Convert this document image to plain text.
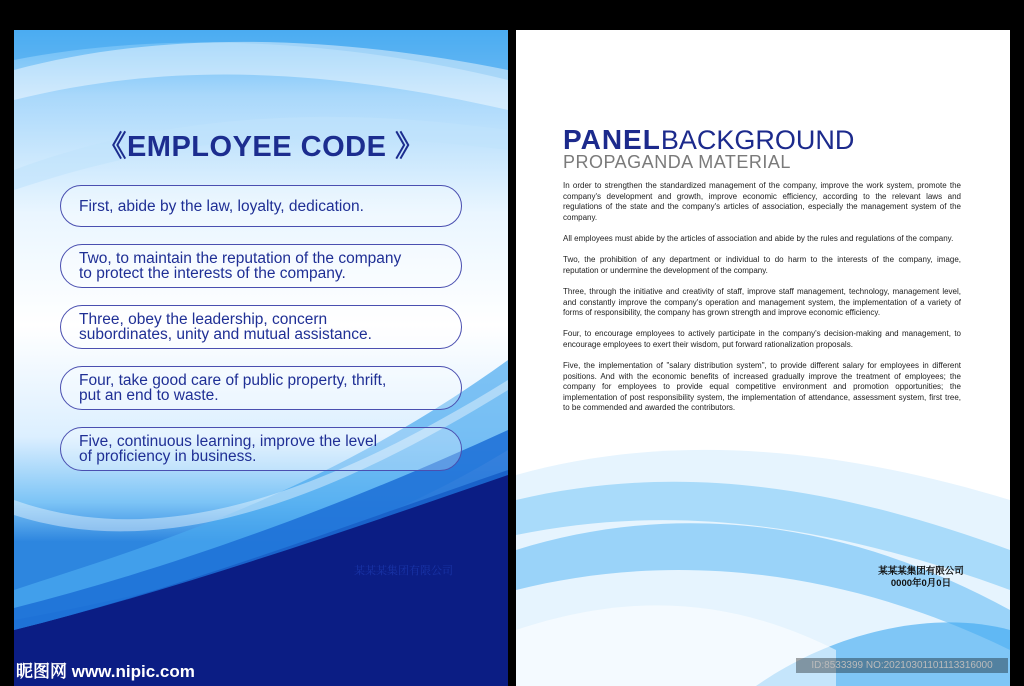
《EMPLOYEE CODE 》
First, abide by the law, loyalty, dedication.
Two, to maintain the reputation of the company
to protect the interests of the company.
Three, obey the leadership, concern
subordinates, unity and mutual assistance.
Four, take good care of public property, thrift,
put an end to waste.
Five, continuous learning, improve the level
of proficiency in business.
某某某集团有限公司
PANELBACKGROUND
PROPAGANDA MATERIAL

In order to strengthen the standardized management of the company, improve the work system, promote the company's development and growth, improve economic efficiency, according to the relevant laws and regulations of the state and the company's articles of association, especially the management system of the company.

All employees must abide by the articles of association and abide by the rules and regulations of the company.

Two, the prohibition of any department or individual to do harm to the interests of the company, image, reputation or undermine the development of the company.

Three, through the initiative and creativity of staff, improve staff management, technology, management level, and constantly improve the company's operation and management system, the implementation of a variety of forms of responsibility, the company has grown strength and improve economic efficiency.

Four, to encourage employees to actively participate in the company's decision-making and management, to encourage employees to exert their wisdom, put forward rationalization proposals.

Five, the implementation of "salary distribution system", to provide different salary for employees in different positions. And with the economic benefits of increased gradually improve the treatment of employees; the company for employees to provide equal competitive environment and promotion opportunities; the implementation of post responsibility system, the implementation of attendance, assessment system, first tree, to be commended and awarded the contributors.

某某某集团有限公司
0000年0月0日
昵图网 www.nipic.com	ID:8533399 NO:20210301101113316000
